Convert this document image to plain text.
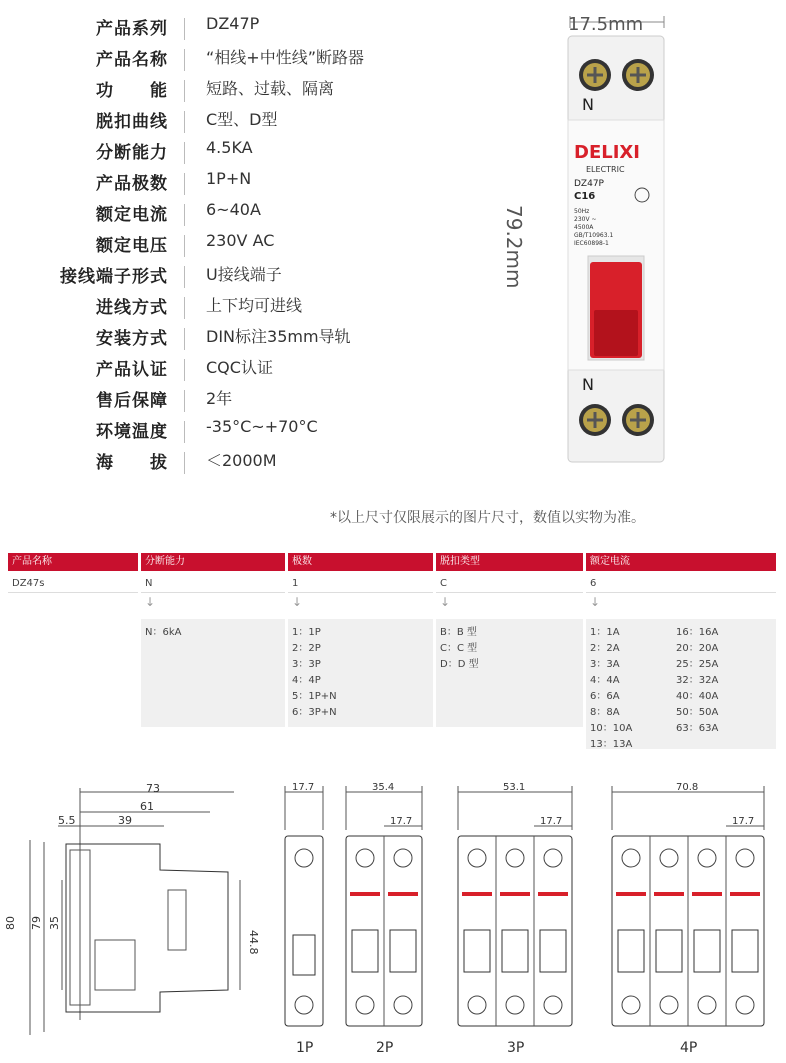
产品系列 DZ47P
产品名称 “相线+中性线”断路器
功　　能 短路、过载、隔离
脱扣曲线 C型、D型
分断能力 4.5KA
产品极数 1P+N
额定电流 6~40A
额定电压 230V AC
接线端子形式 U接线端子
进线方式 上下均可进线
安装方式 DIN标注35mm导轨
产品认证 CQC认证
售后保障 2年
环境温度 -35°C~+70°C
海　　拔 ＜2000M
N
DELIXI
ELECTRIC
DZ47P
C16
50Hz
230V ~
4500A
GB/T10963.1
IEC60898-1
N
17.5mm
79.2mm
*以上尺寸仅限展示的图片尺寸，数值以实物为准。
产品名称
DZ47s
分断能力
N
↓
N：6kA
极数
1
↓
1：1P
2：2P
3：3P
4：4P
5：1P+N
6：3P+N
脱扣类型
C
↓
B：B 型
C：C 型
D：D 型
额定电流
6
↓
1：1A
2：2A
3：3A
4：4A
6：6A
8：8A
10：10A
13：13A
16：16A
20：20A
25：25A
32：32A
40：40A
50：50A
63：63A
73
61
5.5	39
80 79 35
44.8
17.7
1P
35.4
17.7
2P
53.1
17.7
3P
70.8
17.7
4P
